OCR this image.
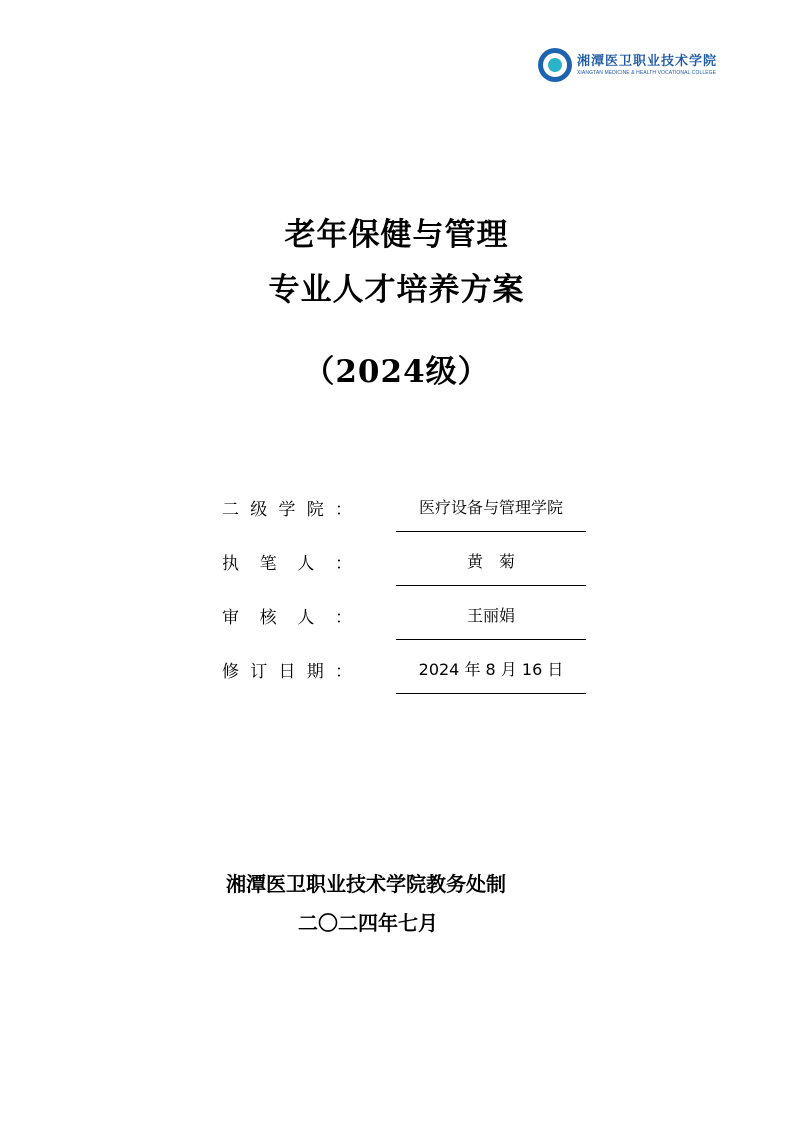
湘潭医卫职业技术学院
XIANGTAN MEDICINE & HEALTH VOCATIONAL COLLEGE
老年保健与管理
专业人才培养方案
（2024级）
二 级 学 院 ：	医疗设备与管理学院
执 笔 人 ：	黄　菊
审 核 人 ：	王丽娟
修 订 日 期 ：	2024 年 8 月 16 日
湘潭医卫职业技术学院教务处制
二〇二四年七月
